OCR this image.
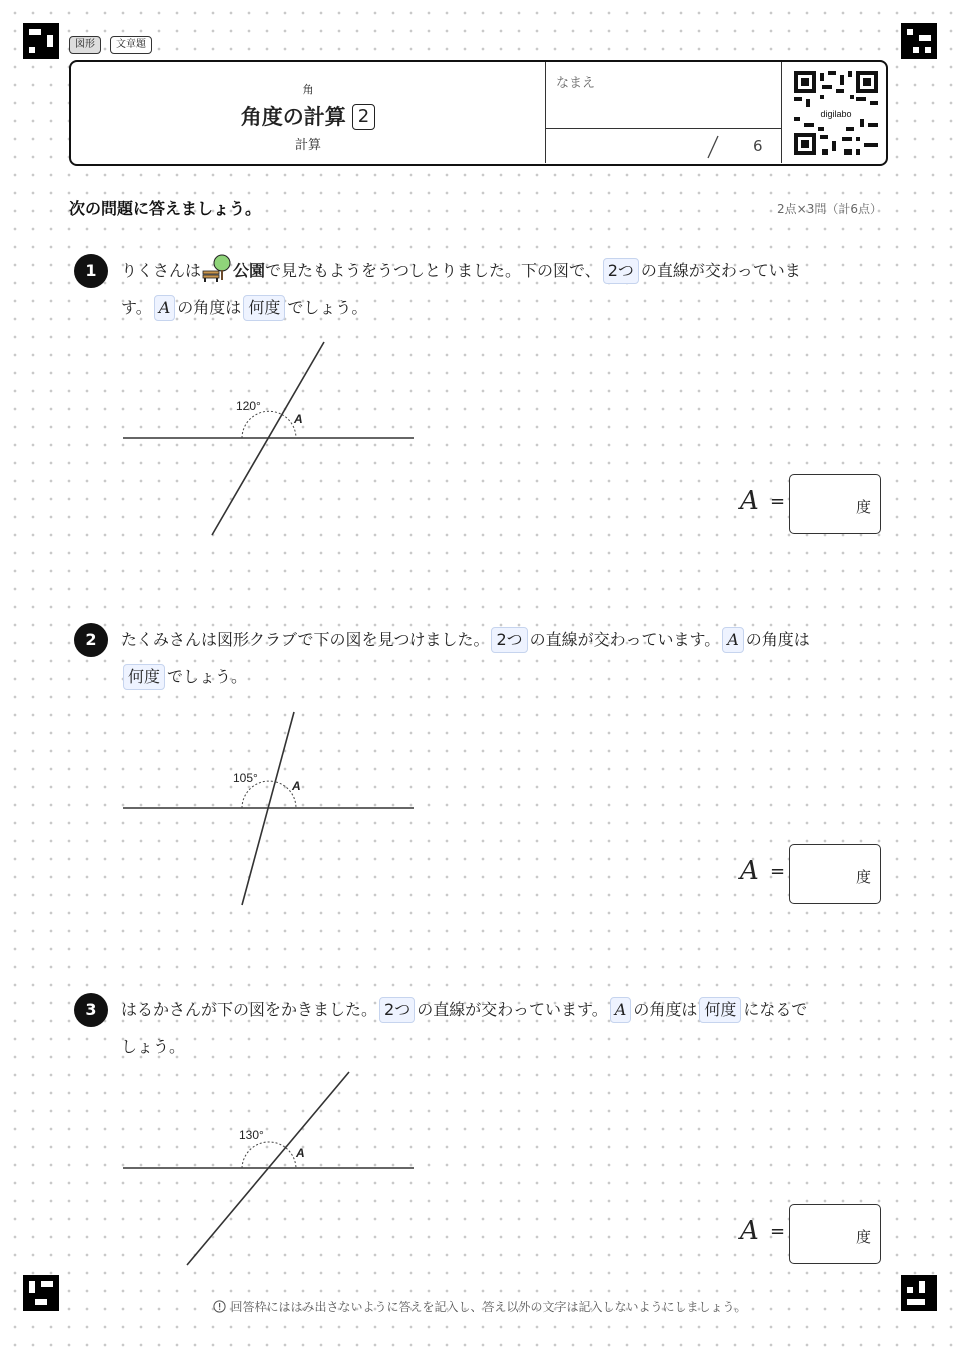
図形	文章題
角
角度の計算 2
計算
なまえ
6
digilabo
次の問題に答えましょう。	2点×3問（計6点）
1	りくさんは 公園で見たもようをうつしとりました。下の図で、 2つ の直線が交わっていま
す。 A の角度は 何度 でしょう。
120°
A
A =	度
2	たくみさんは図形クラブで下の図を見つけました。 2つ の直線が交わっています。 A の角度は
何度 でしょう。
105°
A
A =	度
3	はるかさんが下の図をかきました。 2つ の直線が交わっています。 A の角度は 何度 になるで
しょう。
130°
A
A =	度
回答枠にははみ出さないように答えを記入し、答え以外の文字は記入しないようにしましょう。
